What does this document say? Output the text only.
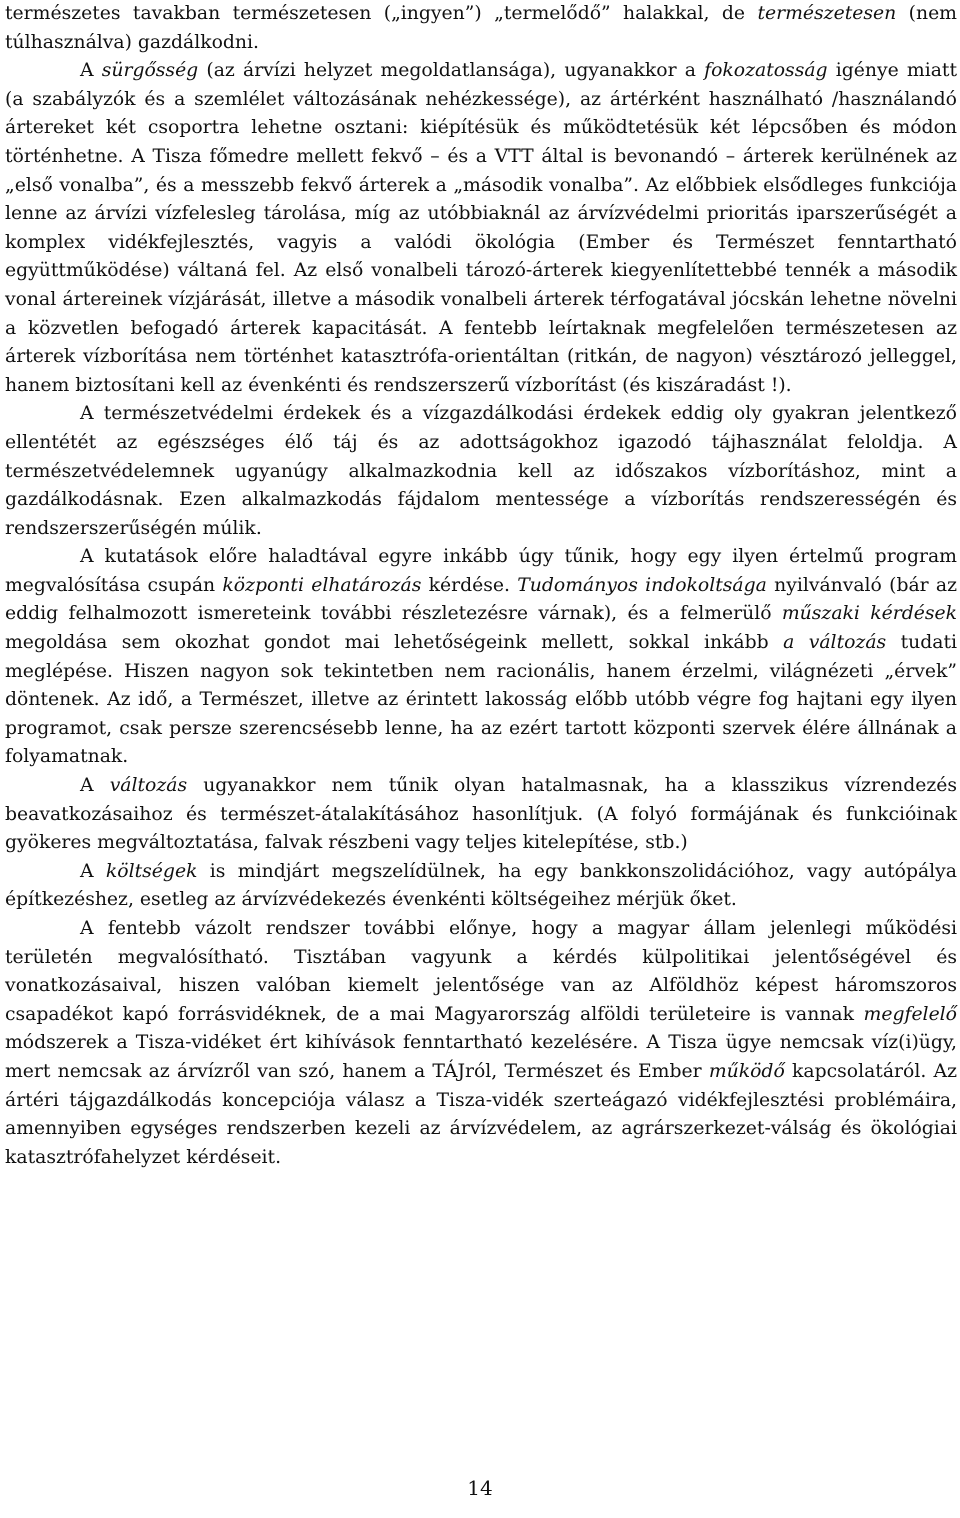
természetes tavakban természetesen („ingyen”) „termelődő” halakkal, de természetesen (nem túlhasználva) gazdálkodni.

A sürgősség (az árvízi helyzet megoldatlansága), ugyanakkor a fokozatosság igénye miatt (a szabályzók és a szemlélet változásának nehézkessége), az ártérként használható /használandó ártereket két csoportra lehetne osztani: kiépítésük és működtetésük két lépcsőben és módon történhetne. A Tisza főmedre mellett fekvő – és a VTT által is bevonandó – árterek kerülnének az „első vonalba”, és a messzebb fekvő árterek a „második vonalba”. Az előbbiek elsődleges funkciója lenne az árvízi vízfelesleg tárolása, míg az utóbbiaknál az árvízvédelmi prioritás iparszerűségét a komplex vidékfejlesztés, vagyis a valódi ökológia (Ember és Természet fenntartható együttműködése) váltaná fel. Az első vonalbeli tározó-árterek kiegyenlítettebbé tennék a második vonal ártereinek vízjárását, illetve a második vonalbeli árterek térfogatával jócskán lehetne növelni a közvetlen befogadó árterek kapacitását. A fentebb leírtaknak megfelelően természetesen az árterek vízborítása nem történhet katasztrófa-orientáltan (ritkán, de nagyon) vésztározó jelleggel, hanem biztosítani kell az évenkénti és rendszerszerű vízborítást (és kiszáradást !).

A természetvédelmi érdekek és a vízgazdálkodási érdekek eddig oly gyakran jelentkező ellentétét az egészséges élő táj és az adottságokhoz igazodó tájhasználat feloldja. A természetvédelemnek ugyanúgy alkalmazkodnia kell az időszakos vízborításhoz, mint a gazdálkodásnak. Ezen alkalmazkodás fájdalom mentessége a vízborítás rendszerességén és rendszerszerűségén múlik.

A kutatások előre haladtával egyre inkább úgy tűnik, hogy egy ilyen értelmű program megvalósítása csupán központi elhatározás kérdése. Tudományos indokoltsága nyilvánvaló (bár az eddig felhalmozott ismereteink további részletezésre várnak), és a felmerülő műszaki kérdések megoldása sem okozhat gondot mai lehetőségeink mellett, sokkal inkább a változás tudati meglépése. Hiszen nagyon sok tekintetben nem racionális, hanem érzelmi, világnézeti „érvek” döntenek. Az idő, a Természet, illetve az érintett lakosság előbb utóbb végre fog hajtani egy ilyen programot, csak persze szerencsésebb lenne, ha az ezért tartott központi szervek élére állnának a folyamatnak.

A változás ugyanakkor nem tűnik olyan hatalmasnak, ha a klasszikus vízrendezés beavatkozásaihoz és természet-átalakításához hasonlítjuk. (A folyó formájának és funkcióinak gyökeres megváltoztatása, falvak részbeni vagy teljes kitelepítése, stb.)

A költségek is mindjárt megszelídülnek, ha egy bankkonszolidációhoz, vagy autópálya építkezéshez, esetleg az árvízvédekezés évenkénti költségeihez mérjük őket.

A fentebb vázolt rendszer további előnye, hogy a magyar állam jelenlegi működési területén megvalósítható. Tisztában vagyunk a kérdés külpolitikai jelentőségével és vonatkozásaival, hiszen valóban kiemelt jelentősége van az Alföldhöz képest háromszoros csapadékot kapó forrásvidéknek, de a mai Magyarország alföldi területeire is vannak megfelelő módszerek a Tisza-vidéket ért kihívások fenntartható kezelésére. A Tisza ügye nemcsak víz(i)ügy, mert nemcsak az árvízről van szó, hanem a TÁJról, Természet és Ember működő kapcsolatáról. Az ártéri tájgazdálkodás koncepciója válasz a Tisza-vidék szerteágazó vidékfejlesztési problémáira, amennyiben egységes rendszerben kezeli az árvízvédelem, az agrárszerkezet-válság és ökológiai katasztrófahelyzet kérdéseit.

14
